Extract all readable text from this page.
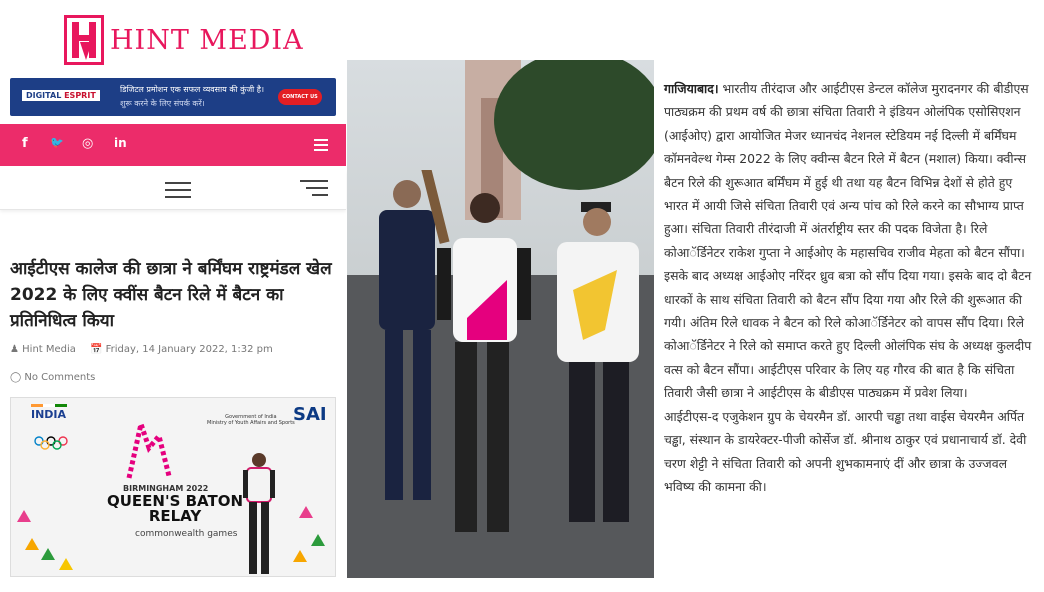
HINT MEDIA
DIGITAL ESPRIT
डिजिटल प्रमोशन एक सफल व्यवसाय की कुंजी है।
शुरू करने के लिए संपर्क करें।
CONTACT US
f 🐦 ◎ in
आईटीएस कालेज की छात्रा ने बर्मिंघम राष्ट्रमंडल खेल 2022 के लिए क्वींस बैटन रिले में बैटन का प्रतिनिधित्व किया
♟ Hint Media 📅 Friday, 14 January 2022, 1:32 pm
◯ No Comments
INDIA	Government of India
Ministry of Youth Affairs and Sports
SAI
BIRMINGHAM 2022
QUEEN'S BATON
RELAY
commonwealth games

गाजियाबाद। भारतीय तीरंदाज और आईटीएस डेन्टल कॉलेज मुरादनगर की बीडीएस पाठ्यक्रम की प्रथम वर्ष की छात्रा संचिता तिवारी ने इंडियन ओलंपिक एसोसिएशन (आईओए) द्वारा आयोजित मेजर ध्यानचंद नेशनल स्टेडियम नई दिल्ली में बर्मिंघम कॉमनवेल्थ गेम्स 2022 के लिए क्वीन्स बैटन रिले में बैटन (मशाल) किया। क्वीन्स बैटन रिले की शुरूआत बर्मिंघम में हुई थी तथा यह बैटन विभिन्न देशों से होते हुए भारत में आयी जिसे संचिता तिवारी एवं अन्य पांच को रिले करने का सौभाग्य प्राप्त हुआ। संचिता तिवारी तीरंदाजी में अंतर्राष्ट्रीय स्तर की पदक विजेता है। रिले कोआॅर्डिनेटर राकेश गुप्ता ने आईओए के महासचिव राजीव मेहता को बैटन सौंपा। इसके बाद अध्यक्ष आईओए नरिंदर ध्रुव बत्रा को सौंप दिया गया। इसके बाद दो बैटन धारकों के साथ संचिता तिवारी को बैटन सौंप दिया गया और रिले की शुरूआत की गयी। अंतिम रिले धावक ने बैटन को रिले कोआॅर्डिनेटर को वापस सौंप दिया। रिले कोआॅर्डिनेटर ने रिले को समाप्त करते हुए दिल्ली ओलंपिक संघ के अध्यक्ष कुलदीप वत्स को बैटन सौंपा। आईटीएस परिवार के लिए यह गौरव की बात है कि संचिता तिवारी जैसी छात्रा ने आईटीएस के बीडीएस पाठ्यक्रम में प्रवेश लिया।

आईटीएस-द एजुकेशन ग्रुप के चेयरमैन डॉ. आरपी चड्ढा तथा वाईस चेयरमैन अर्पित चड्ढा, संस्थान के डायरेक्टर-पीजी कोर्सेज डॉ. श्रीनाथ ठाकुर एवं प्रधानाचार्य डॉ. देवी चरण शेट्टी ने संचिता तिवारी को अपनी शुभकामनाएं दीं और छात्रा के उज्जवल भविष्य की कामना की।
